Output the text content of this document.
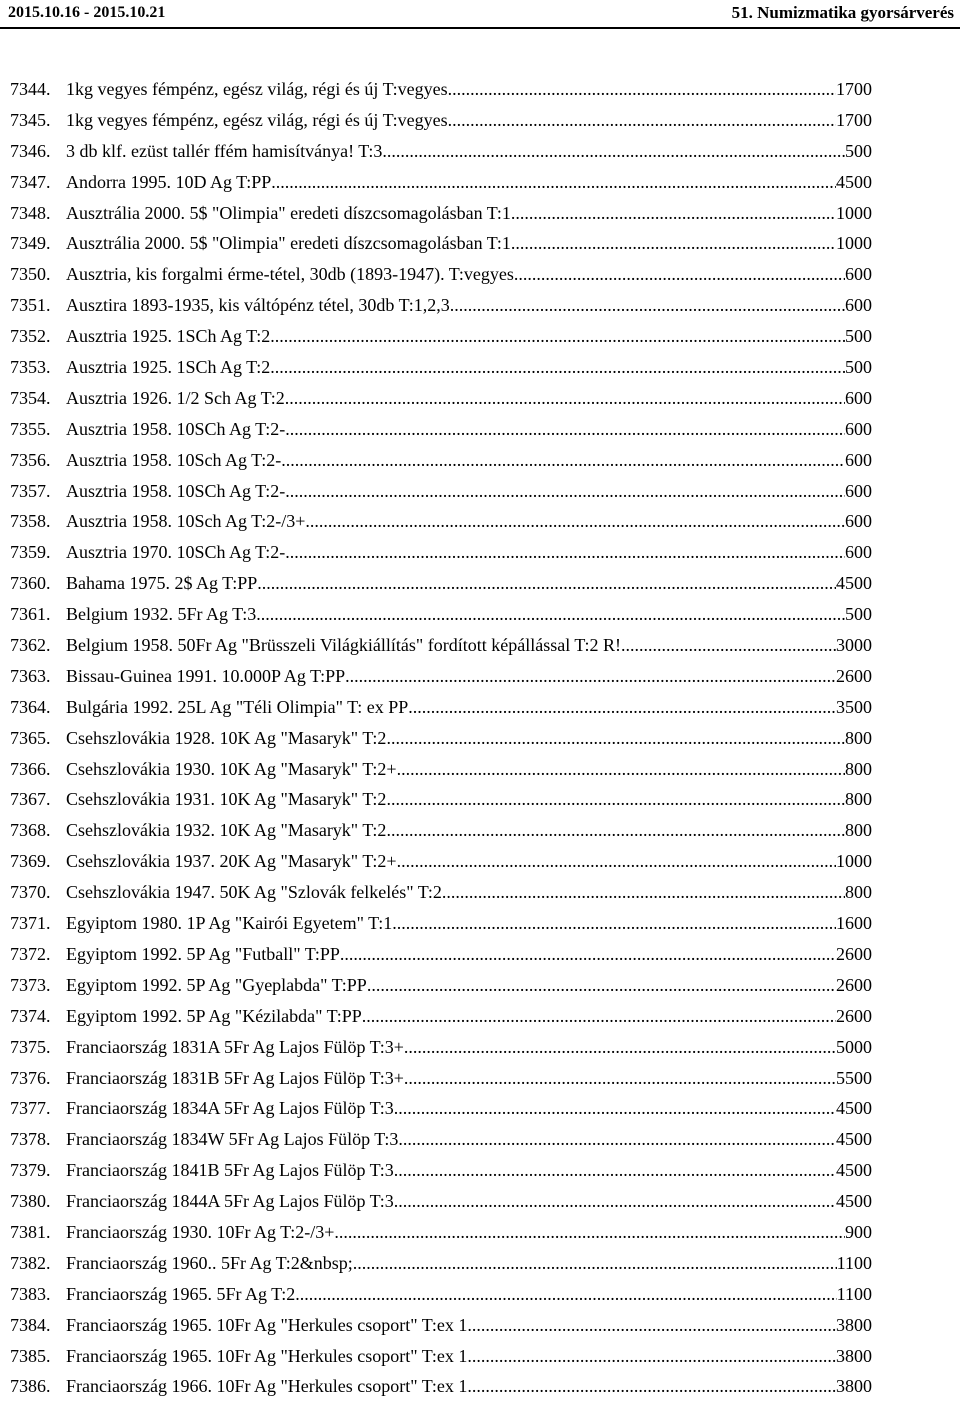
2015.10.16 - 2015.10.21	51. Numizmatika gyorsárverés
7344. 1kg vegyes fémpénz, egész világ, régi és új T:vegyes .....	1700
7345. 1kg vegyes fémpénz, egész világ, régi és új T:vegyes .....	1700
7346. 3 db klf. ezüst tallér ffém hamisítványa! T:3 .....	500
7347. Andorra 1995. 10D Ag T:PP .....	4500
7348. Ausztrália 2000. 5$ "Olimpia" eredeti díszcsomagolásban T:1 .....	1000
7349. Ausztrália 2000. 5$ "Olimpia" eredeti díszcsomagolásban T:1 .....	1000
7350. Ausztria, kis forgalmi érme-tétel, 30db (1893-1947). T:vegyes .....	600
7351. Ausztira 1893-1935, kis váltópénz tétel, 30db T:1,2,3 .....	600
7352. Ausztria 1925. 1SCh Ag T:2 .....	500
7353. Ausztria 1925. 1SCh Ag T:2 .....	500
7354. Ausztria 1926. 1/2 Sch Ag T:2 .....	600
7355. Ausztria 1958. 10SCh Ag T:2- .....	600
7356. Ausztria 1958. 10Sch Ag T:2- .....	600
7357. Ausztria 1958. 10SCh Ag T:2- .....	600
7358. Ausztria 1958. 10Sch Ag T:2-/3+ .....	600
7359. Ausztria 1970. 10SCh Ag T:2- .....	600
7360. Bahama 1975. 2$ Ag T:PP .....	4500
7361. Belgium 1932. 5Fr Ag T:3 .....	500
7362. Belgium 1958. 50Fr Ag "Brüsszeli Világkiállítás" fordított képállással T:2 R! .....	3000
7363. Bissau-Guinea 1991. 10.000P Ag T:PP .....	2600
7364. Bulgária 1992. 25L Ag "Téli Olimpia" T: ex PP .....	3500
7365. Csehszlovákia 1928. 10K Ag "Masaryk" T:2 .....	800
7366. Csehszlovákia 1930. 10K Ag "Masaryk" T:2+ .....	800
7367. Csehszlovákia 1931. 10K Ag "Masaryk" T:2 .....	800
7368. Csehszlovákia 1932. 10K Ag "Masaryk" T:2 .....	800
7369. Csehszlovákia 1937. 20K Ag "Masaryk" T:2+ .....	1000
7370. Csehszlovákia 1947. 50K Ag "Szlovák felkelés" T:2 .....	800
7371. Egyiptom 1980. 1P Ag "Kairói Egyetem" T:1 .....	1600
7372. Egyiptom 1992. 5P Ag "Futball" T:PP .....	2600
7373. Egyiptom 1992. 5P Ag "Gyeplabda" T:PP .....	2600
7374. Egyiptom 1992. 5P Ag "Kézilabda" T:PP .....	2600
7375. Franciaország 1831A 5Fr Ag Lajos Fülöp T:3+ .....	5000
7376. Franciaország 1831B 5Fr Ag Lajos Fülöp T:3+ .....	5500
7377. Franciaország 1834A 5Fr Ag Lajos Fülöp T:3 .....	4500
7378. Franciaország 1834W 5Fr Ag Lajos Fülöp T:3 .....	4500
7379. Franciaország 1841B 5Fr Ag Lajos Fülöp T:3 .....	4500
7380. Franciaország 1844A 5Fr Ag Lajos Fülöp T:3 .....	4500
7381. Franciaország 1930. 10Fr Ag T:2-/3+ .....	900
7382. Franciaország 1960.. 5Fr Ag T:2&nbsp; .....	1100
7383. Franciaország 1965. 5Fr Ag T:2 .....	1100
7384. Franciaország 1965. 10Fr Ag "Herkules csoport" T:ex 1 .....	3800
7385. Franciaország 1965. 10Fr Ag "Herkules csoport" T:ex 1 .....	3800
7386. Franciaország 1966. 10Fr Ag "Herkules csoport" T:ex 1 .....	3800
